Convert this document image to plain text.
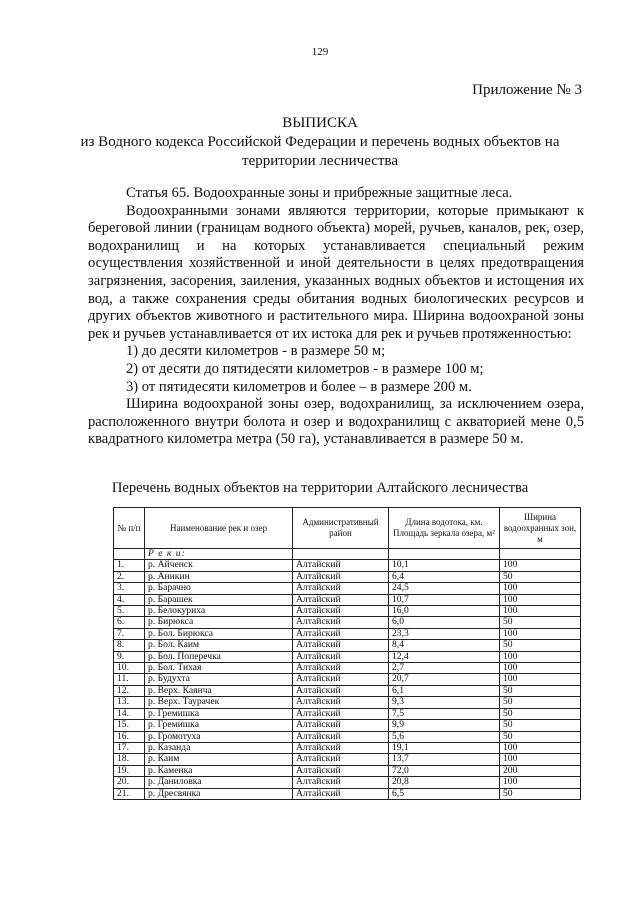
129
Приложение № 3
ВЫПИСКА
из Водного кодекса Российской Федерации и перечень водных объектов на
территории лесничества

Статья 65. Водоохранные зоны и прибрежные защитные леса.

Водоохранными зонами являются территории, которые примыкают к береговой линии (границам водного объекта) морей, ручьев, каналов, рек, озер, водохранилищ и на которых устанавливается специальный режим осуществления хозяйственной и иной деятельности в целях предотвращения загрязнения, засорения, заиления, указанных водных объектов и истощения их вод, а также сохранения среды обитания водных биологических ресурсов и других объектов животного и растительного мира. Ширина водоохраной зоны рек и ручьев устанавливается от их истока для рек и ручьев протяженностью:

1) до десяти километров - в размере 50 м;

2) от десяти до пятидесяти километров - в размере 100 м;

3) от пятидесяти километров и более – в размере 200 м.

Ширина водоохраной зоны озер, водохранилищ, за исключением озера, расположенного внутри болота и озер и водохранилищ с акваторией мене 0,5 квадратного километра метра (50 га), устанавливается в размере 50 м.

Перечень водных объектов на территории Алтайского лесничества
№ п/п	Наименование рек и озер	Административный район	Длина водотока, км. Площадь зеркала озера, м²	Ширина водоохранных зон, м
	Р е к и:			
1.	р. Айченск	Алтайский	10,1	100
2.	р. Аникин	Алтайский	6,4	50
3.	р. Барачно	Алтайский	24,5	100
4.	р. Барашек	Алтайский	10,7	100
5.	р. Белокуриха	Алтайский	16,0	100
6.	р. Бирюкса	Алтайский	6,0	50
7.	р. Бол. Бирюкса	Алтайский	23,3	100
8.	р. Бол. Каим	Алтайский	8,4	50
9.	р. Бол. Поперечка	Алтайский	12,4	100
10.	р. Бол. Тихая	Алтайский	2,7	100
11.	р. Будухта	Алтайский	20,7	100
12.	р. Верх. Каянча	Алтайский	6,1	50
13.	р. Верх. Таурачек	Алтайский	9,3	50
14.	р. Гремишка	Алтайский	7,5	50
15.	р. Гремишка	Алтайский	9,9	50
16.	р. Громотуха	Алтайский	5,6	50
17.	р. Казанда	Алтайский	19,1	100
18.	р. Каим	Алтайский	13,7	100
19.	р. Каменка	Алтайский	72,0	200
20.	р. Даниловка	Алтайский	20,8	100
21.	р. Дресвянка	Алтайский	6,5	50
